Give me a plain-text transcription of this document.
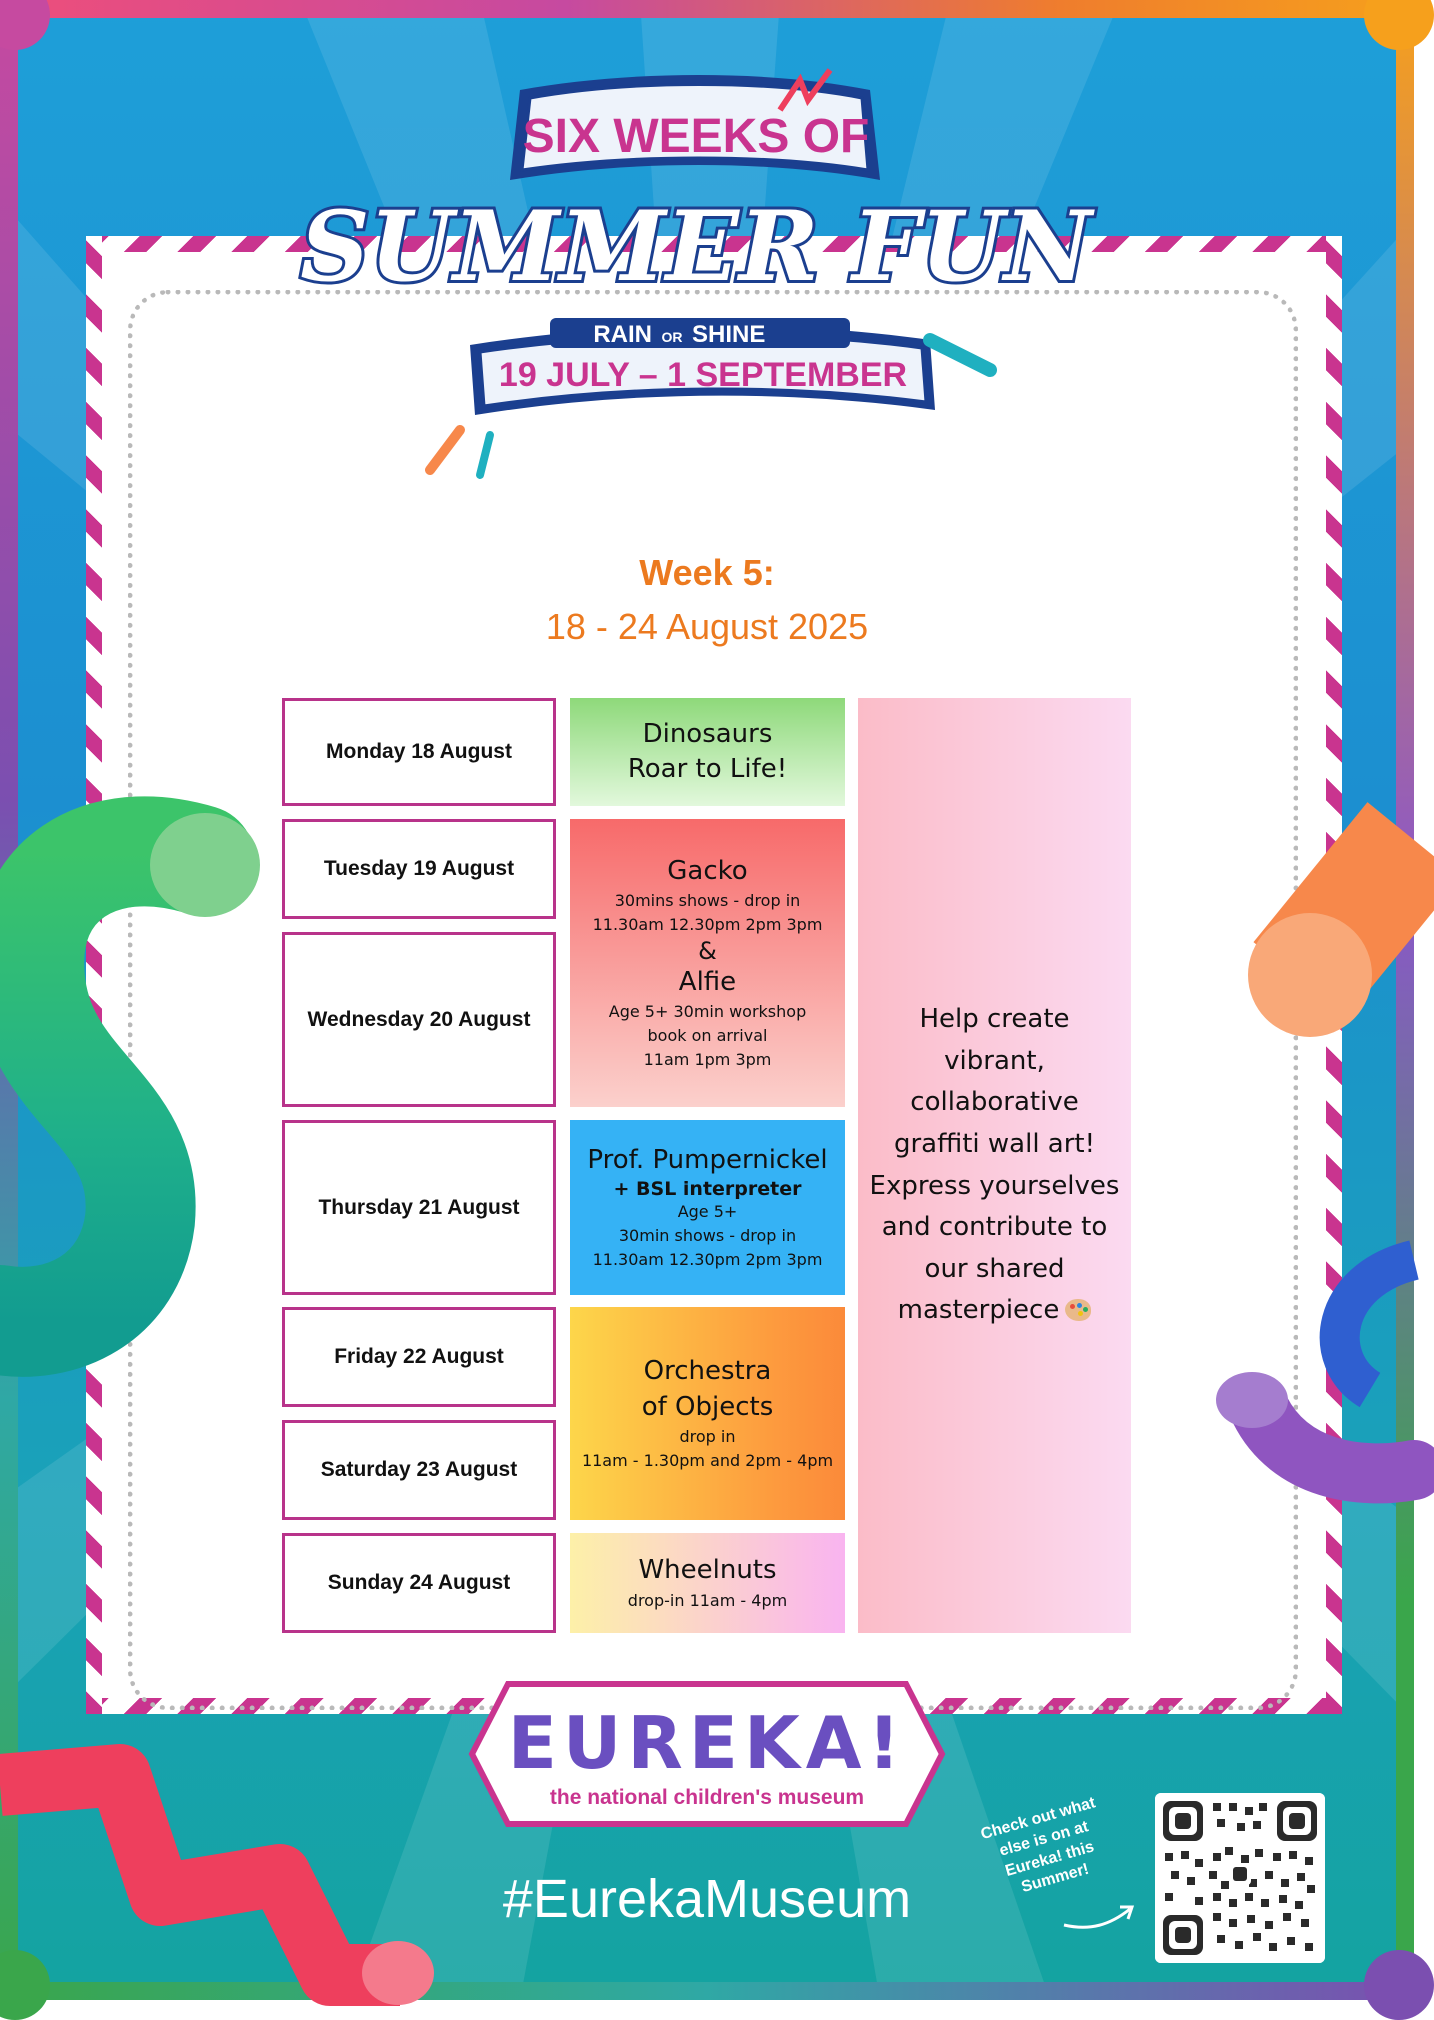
SIX WEEKS OF
SUMMER FUN
RAIN OR SHINE
19 JULY – 1 SEPTEMBER
Week 5:
18 - 24 August 2025
Monday 18 August
Tuesday 19 August
Wednesday 20 August
Thursday 21 August
Friday 22 August
Saturday 23 August
Sunday 24 August
Dinosaurs
Roar to Life!
Gacko
30mins shows - drop in
11.30am 12.30pm 2pm 3pm
&
Alfie
Age 5+ 30min workshop
book on arrival
11am 1pm 3pm
Prof. Pumpernickel
+ BSL interpreter
Age 5+
30min shows - drop in
11.30am 12.30pm 2pm 3pm
Orchestra
of Objects
drop in
11am - 1.30pm and 2pm - 4pm
Wheelnuts
drop-in 11am - 4pm
Help create vibrant, collaborative graffiti wall art! Express yourselves and contribute to our shared masterpiece
EUREKA!
the national children's museum
#EurekaMuseum
Check out what else is on at Eureka! this Summer!
